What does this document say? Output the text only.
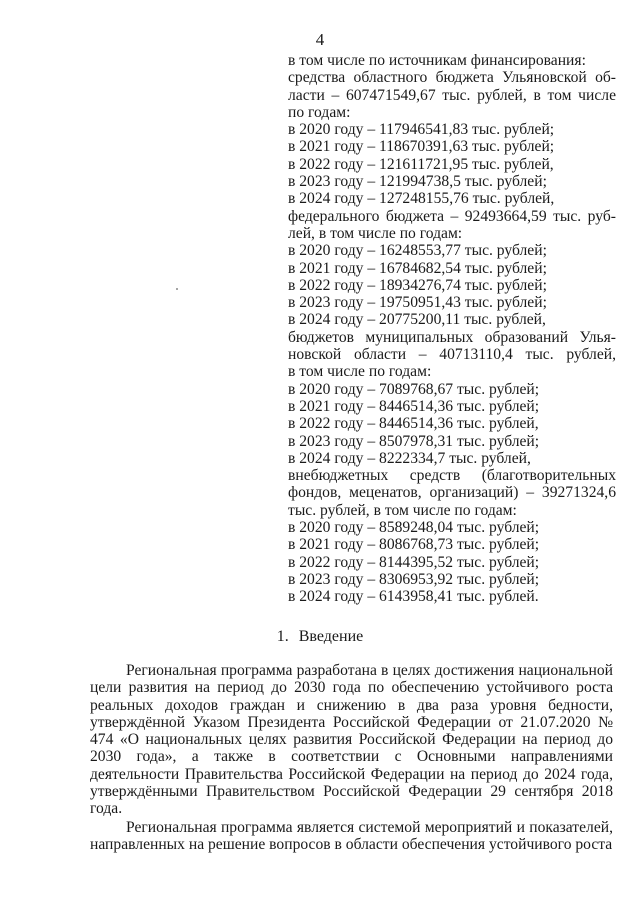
4
в том числе по источникам финансирования:
средства областного бюджета Ульяновской об-
ласти – 607471549,67 тыс. рублей, в том числе
по годам:
в 2020 году – 117946541,83 тыс. рублей;
в 2021 году – 118670391,63 тыс. рублей;
в 2022 году – 121611721,95 тыс. рублей,
в 2023 году – 121994738,5 тыс. рублей;
в 2024 году – 127248155,76 тыс. рублей,
федерального бюджета – 92493664,59 тыс. руб-
лей, в том числе по годам:
в 2020 году – 16248553,77 тыс. рублей;
в 2021 году – 16784682,54 тыс. рублей;
в 2022 году – 18934276,74 тыс. рублей;
в 2023 году – 19750951,43 тыс. рублей;
в 2024 году – 20775200,11 тыс. рублей,
бюджетов муниципальных образований Улья-
новской области – 40713110,4 тыс. рублей,
в том числе по годам:
в 2020 году – 7089768,67 тыс. рублей;
в 2021 году – 8446514,36 тыс. рублей;
в 2022 году – 8446514,36 тыс. рублей,
в 2023 году – 8507978,31 тыс. рублей;
в 2024 году – 8222334,7 тыс. рублей,
внебюджетных средств (благотворительных
фондов, меценатов, организаций) – 39271324,6
тыс. рублей, в том числе по годам:
в 2020 году – 8589248,04 тыс. рублей;
в 2021 году – 8086768,73 тыс. рублей;
в 2022 году – 8144395,52 тыс. рублей;
в 2023 году – 8306953,92 тыс. рублей;
в 2024 году – 6143958,41 тыс. рублей.
1. Введение

Региональная программа разработана в целях достижения национальной цели развития на период до 2030 года по обеспечению устойчивого роста реальных доходов граждан и снижению в два раза уровня бедности, утверждённой Указом Президента Российской Федерации от 21.07.2020 № 474 «О национальных целях развития Российской Федерации на период до 2030 года», а также в соответствии с Основными направлениями деятельности Правительства Российской Федерации на период до 2024 года, утверждёнными Правительством Российской Федерации 29 сентября 2018 года.

Региональная программа является системой мероприятий и показателей, направленных на решение вопросов в области обеспечения устойчивого роста
